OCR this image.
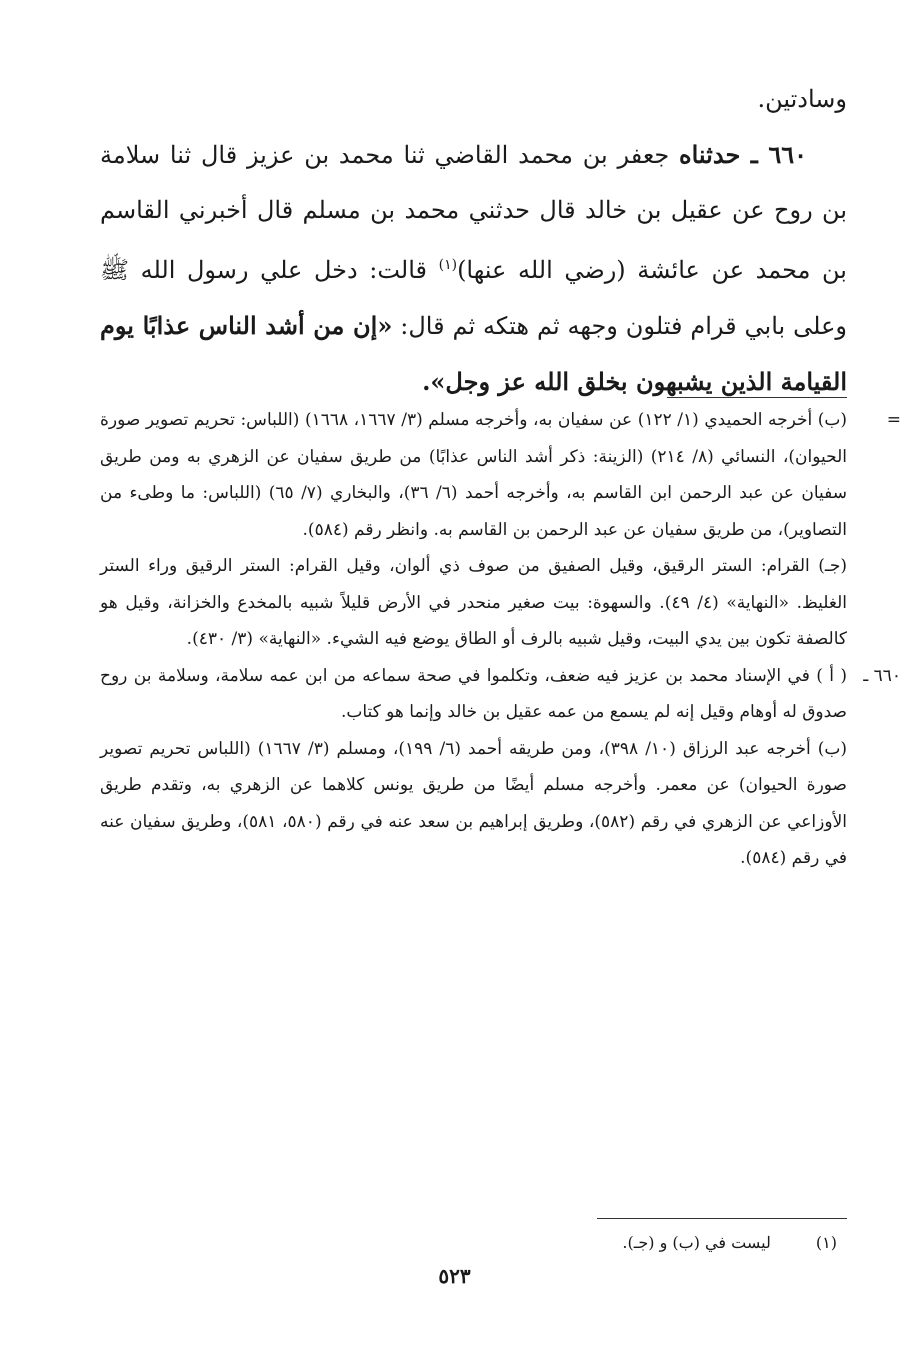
وسادتين.

٦٦٠ ـ حدثناه جعفر بن محمد القاضي ثنا محمد بن عزيز قال ثنا سلامة بن روح عن عقيل بن خالد قال حدثني محمد بن مسلم قال أخبرني القاسم بن محمد عن عائشة (رضي الله عنها)$^{(١)}$ قالت: دخل علي رسول الله ﷺ وعلى بابي قرام فتلون وجهه ثم هتكه ثم قال: «إن من أشد الناس عذابًا يوم القيامة الذين يشبهون بخلق الله عز وجل».

=

(ب) أخرجه الحميدي (١/ ١٢٢) عن سفيان به، وأخرجه مسلم (٣/ ١٦٦٧، ١٦٦٨) (اللباس: تحريم تصوير صورة الحيوان)، النسائي (٨/ ٢١٤) (الزينة: ذكر أشد الناس عذابًا) من طريق سفيان عن الزهري به ومن طريق سفيان عن عبد الرحمن ابن القاسم به، وأخرجه أحمد (٦/ ٣٦)، والبخاري (٧/ ٦٥) (اللباس: ما وطىء من التصاوير)، من طريق سفيان عن عبد الرحمن بن القاسم به. وانظر رقم (٥٨٤).

(جـ) القرام: الستر الرقيق، وقيل الصفيق من صوف ذي ألوان، وقيل القرام: الستر الرقيق وراء الستر الغليظ. «النهاية» (٤/ ٤٩). والسهوة: بيت صغير منحدر في الأرض قليلاً شبيه بالمخدع والخزانة، وقيل هو كالصفة تكون بين يدي البيت، وقيل شبيه بالرف أو الطاق يوضع فيه الشيء. «النهاية» (٣/ ٤٣٠).

٦٦٠ ـ

( أ ) في الإسناد محمد بن عزيز فيه ضعف، وتكلموا في صحة سماعه من ابن عمه سلامة، وسلامة بن روح صدوق له أوهام وقيل إنه لم يسمع من عمه عقيل بن خالد وإنما هو كتاب.

(ب) أخرجه عبد الرزاق (١٠/ ٣٩٨)، ومن طريقه أحمد (٦/ ١٩٩)، ومسلم (٣/ ١٦٦٧) (اللباس تحريم تصوير صورة الحيوان) عن معمر. وأخرجه مسلم أيضًا من طريق يونس كلاهما عن الزهري به، وتقدم طريق الأوزاعي عن الزهري في رقم (٥٨٢)، وطريق إبراهيم بن سعد عنه في رقم (٥٨٠، ٥٨١)، وطريق سفيان عنه في رقم (٥٨٤).

(١) ليست في (ب) و (جـ).
٥٢٣
